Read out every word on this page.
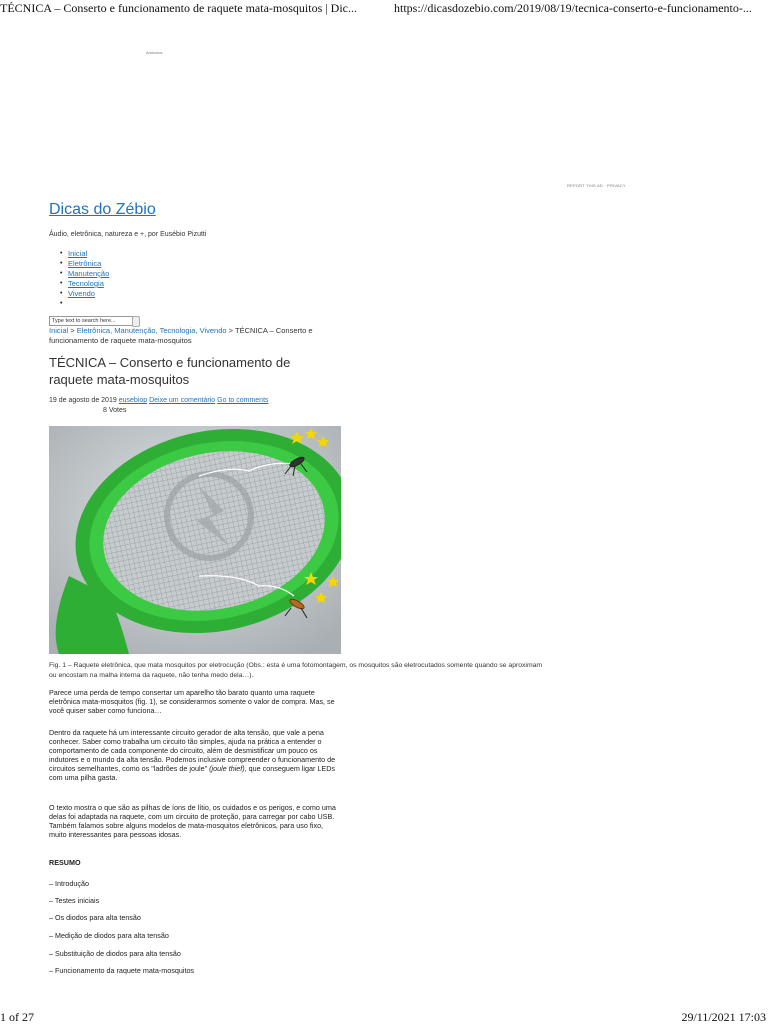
TÉCNICA – Conserto e funcionamento de raquete mata-mosquitos | Dic...	https://dicasdozebio.com/2019/08/19/tecnica-conserto-e-funcionamento-...
Anúncios
REPORT THIS AD · PRIVACY
Dicas do Zébio
Áudio, eletrônica, natureza e +, por Eusébio Pizutti
• Inicial
• Eletrônica
• Manutenção
• Tecnologia
• Vivendo
•
Type text to search here...
Inicial > Eletrônica, Manutenção, Tecnologia, Vivendo > TÉCNICA – Conserto e funcionamento de raquete mata-mosquitos
TÉCNICA – Conserto e funcionamento de raquete mata-mosquitos
19 de agosto de 2019 eusebiop Deixe um comentário Go to comments
8 Votes
Fig. 1 – Raquete eletrônica, que mata mosquitos por eletrocução (Obs.: esta é uma fotomontagem, os mosquitos são eletrocutados somente quando se aproximam ou encostam na malha interna da raquete, não tenha medo dela…).

Parece uma perda de tempo consertar um aparelho tão barato quanto uma raquete eletrônica mata-mosquitos (fig. 1), se considerarmos somente o valor de compra. Mas, se você quiser saber como funciona…

Dentro da raquete há um interessante circuito gerador de alta tensão, que vale a pena conhecer. Saber como trabalha um circuito tão simples, ajuda na prática a entender o comportamento de cada componente do circuito, além de desmistificar um pouco os indutores e o mundo da alta tensão. Podemos inclusive compreender o funcionamento de circuitos semelhantes, como os "ladrões de joule" (joule thief), que conseguem ligar LEDs com uma pilha gasta.

O texto mostra o que são as pilhas de íons de lítio, os cuidados e os perigos, e como uma delas foi adaptada na raquete, com um circuito de proteção, para carregar por cabo USB. Também falamos sobre alguns modelos de mata-mosquitos eletrônicos, para uso fixo, muito interessantes para pessoas idosas.

RESUMO
– Introdução
– Testes iniciais
– Os diodos para alta tensão
– Medição de diodos para alta tensão
– Substituição de diodos para alta tensão
– Funcionamento da raquete mata-mosquitos
1 of 27	29/11/2021 17:03
